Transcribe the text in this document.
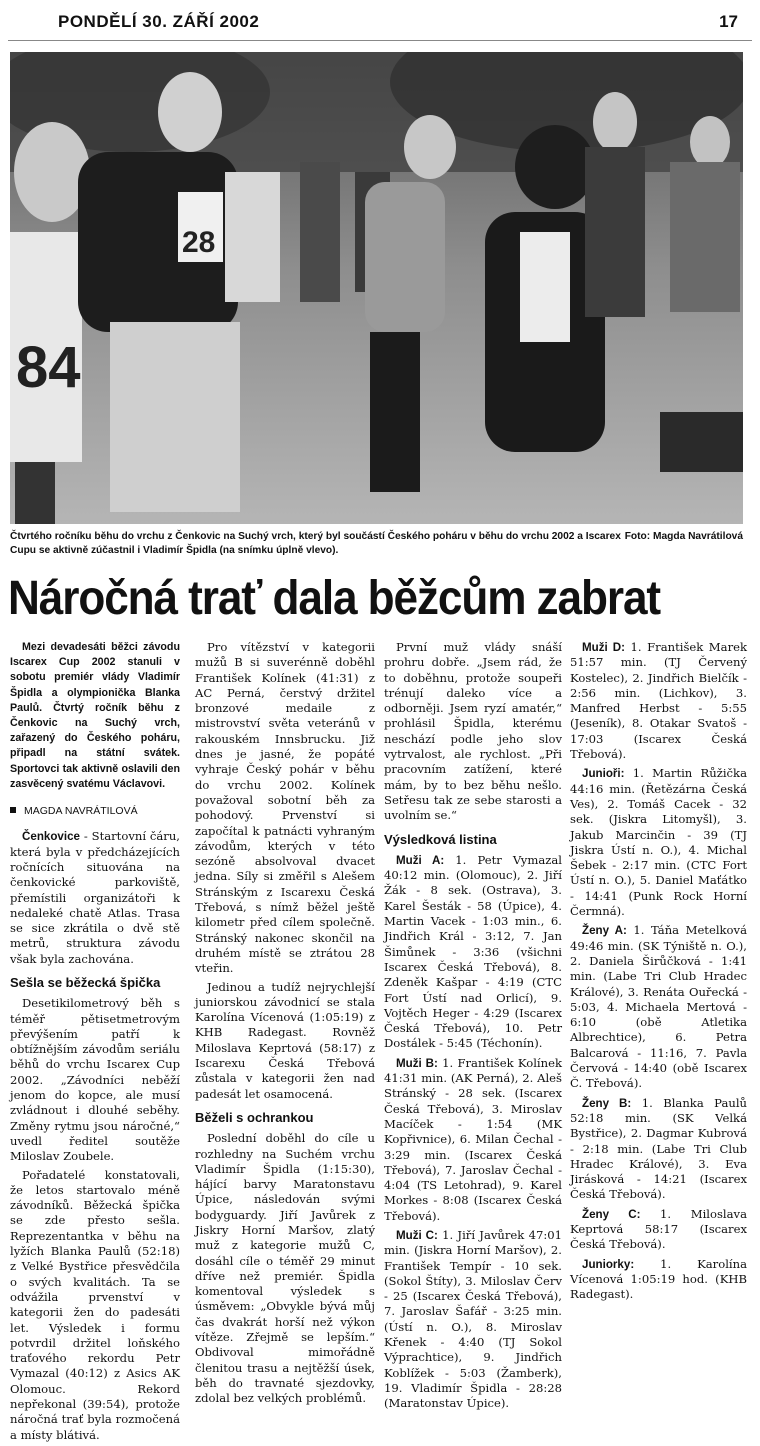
PONDĚLÍ 30. ZÁŘÍ 2002	17
84
28
Foto: Magda Navrátilová
Čtvrtého ročníku běhu do vrchu z Čenkovic na Suchý vrch, který byl součástí Českého poháru v běhu do vrchu 2002 a Iscarex Cupu se aktivně zúčastnil i Vladimír Špidla (na snímku úplně vlevo).
Náročná trať dala běžcům zabrat

Mezi devadesáti běžci závodu Iscarex Cup 2002 stanuli v sobotu premiér vlády Vladimír Špidla a olympionička Blanka Paulů. Čtvrtý ročník běhu z Čenkovic na Suchý vrch, zařazený do Českého poháru, připadl na státní svátek. Sportovci tak aktivně oslavili den zasvěcený svatému Václavovi.

MAGDA NAVRÁTILOVÁ

Čenkovice - Startovní čáru, která byla v předcházejících ročnících situována na čenkovické parkoviště, přemístili organizátoři k nedaleké chatě Atlas. Trasa se sice zkrátila o dvě stě metrů, struktura závodu však byla zachována.

Sešla se běžecká špička

Desetikilometrový běh s téměř pětisetmetrovým převýšením patří k obtížnějším závodům seriálu běhů do vrchu Iscarex Cup 2002. „Závodníci neběží jenom do kopce, ale musí zvládnout i dlouhé seběhy. Změny rytmu jsou náročné,“ uvedl ředitel soutěže Miloslav Zoubele.

Pořadatelé konstatovali, že letos startovalo méně závodníků. Běžecká špička se zde přesto sešla. Reprezentantka v běhu na lyžích Blanka Paulů (52:18) z Velké Bystřice přesvědčila o svých kvalitách. Ta se odvážila prvenství v kategorii žen do padesáti let. Výsledek i formu potvrdil držitel loňského traťového rekordu Petr Vymazal (40:12) z Asics AK Olomouc. Rekord nepřekonal (39:54), protože náročná trať byla rozmočená a místy blátivá.

Pro vítězství v kategorii mužů B si suverénně doběhl František Kolínek (41:31) z AC Perná, čerstvý držitel bronzové medaile z mistrovství světa veteránů v rakouském Innsbrucku. Již dnes je jasné, že popáté vyhraje Český pohár v běhu do vrchu 2002. Kolínek považoval sobotní běh za pohodový. Prvenství si započítal k patnácti vyhraným závodům, kterých v této sezóně absolvoval dvacet jedna. Síly si změřil s Alešem Stránským z Iscarexu Česká Třebová, s nímž běžel ještě kilometr před cílem společně. Stránský nakonec skončil na druhém místě se ztrátou 28 vteřin.

Jedinou a tudíž nejrychlejší juniorskou závodnicí se stala Karolína Vícenová (1:05:19) z KHB Radegast. Rovněž Miloslava Keprtová (58:17) z Iscarexu Česká Třebová zůstala v kategorii žen nad padesát let osamocená.

Běželi s ochrankou

Poslední doběhl do cíle u rozhledny na Suchém vrchu Vladimír Špidla (1:15:30), hájící barvy Maratonstavu Úpice, následován svými bodyguardy. Jiří Javůrek z Jiskry Horní Maršov, zlatý muž z kategorie mužů C, dosáhl cíle o téměř 29 minut dříve než premiér. Špidla komentoval výsledek s úsměvem: „Obvykle bývá můj čas dvakrát horší než výkon vítěze. Zřejmě se lepším.“ Obdivoval mimořádně členitou trasu a nejtěžší úsek, běh do travnaté sjezdovky, zdolal bez velkých problémů.

První muž vlády snáší prohru dobře. „Jsem rád, že to doběhnu, protože soupeři trénují daleko více a odborněji. Jsem ryzí amatér,“ prohlásil Špidla, kterému neschází podle jeho slov vytrvalost, ale rychlost. „Při pracovním zatížení, které mám, by to bez běhu nešlo. Setřesu tak ze sebe starosti a uvolním se.“

Výsledková listina

Muži A: 1. Petr Vymazal 40:12 min. (Olomouc), 2. Jiří Žák - 8 sek. (Ostrava), 3. Karel Šesták - 58 (Úpice), 4. Martin Vacek - 1:03 min., 6. Jindřich Král - 3:12, 7. Jan Šimůnek - 3:36 (všichni Iscarex Česká Třebová), 8. Zdeněk Kašpar - 4:19 (CTC Fort Ústí nad Orlicí), 9. Vojtěch Heger - 4:29 (Iscarex Česká Třebová), 10. Petr Dostálek - 5:45 (Téchonín).

Muži B: 1. František Kolínek 41:31 min. (AK Perná), 2. Aleš Stránský - 28 sek. (Iscarex Česká Třebová), 3. Miroslav Macíček - 1:54 (MK Kopřivnice), 6. Milan Čechal - 3:29 min. (Iscarex Česká Třebová), 7. Jaroslav Čechal - 4:04 (TS Letohrad), 9. Karel Morkes - 8:08 (Iscarex Česká Třebová).

Muži C: 1. Jiří Javůrek 47:01 min. (Jiskra Horní Maršov), 2. František Tempír - 10 sek. (Sokol Štíty), 3. Miloslav Červ - 25 (Iscarex Česká Třebová), 7. Jaroslav Šafář - 3:25 min. (Ústí n. O.), 8. Miroslav Křenek - 4:40 (TJ Sokol Výprachtice), 9. Jindřich Koblížek - 5:03 (Žamberk), 19. Vladimír Špidla - 28:28 (Maratonstav Úpice).

Muži D: 1. František Marek 51:57 min. (TJ Červený Kostelec), 2. Jindřich Bielčík - 2:56 min. (Lichkov), 3. Manfred Herbst - 5:55 (Jeseník), 8. Otakar Svatoš - 17:03 (Iscarex Česká Třebová).

Junioři: 1. Martin Růžička 44:16 min. (Řetězárna Česká Ves), 2. Tomáš Cacek - 32 sek. (Jiskra Litomyšl), 3. Jakub Marcinčin - 39 (TJ Jiskra Ústí n. O.), 4. Michal Šebek - 2:17 min. (CTC Fort Ústí n. O.), 5. Daniel Maťátko - 14:41 (Punk Rock Horní Čermná).

Ženy A: 1. Táňa Metelková 49:46 min. (SK Týniště n. O.), 2. Daniela Širůčková - 1:41 min. (Labe Tri Club Hradec Králové), 3. Renáta Ouřecká - 5:03, 4. Michaela Mertová - 6:10 (obě Atletika Albrechtice), 6. Petra Balcarová - 11:16, 7. Pavla Červová - 14:40 (obě Iscarex Č. Třebová).

Ženy B: 1. Blanka Paulů 52:18 min. (SK Velká Bystřice), 2. Dagmar Kubrová - 2:18 min. (Labe Tri Club Hradec Králové), 3. Eva Jirásková - 14:21 (Iscarex Česká Třebová).

Ženy C: 1. Miloslava Keprtová 58:17 (Iscarex Česká Třebová).

Juniorky: 1. Karolína Vícenová 1:05:19 hod. (KHB Radegast).
